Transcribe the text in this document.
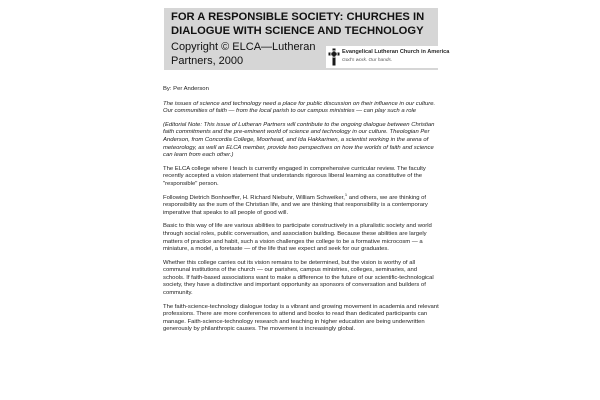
FOR A RESPONSIBLE SOCIETY: CHURCHES IN DIALOGUE WITH SCIENCE AND TECHNOLOGY
Copyright © ELCA—Lutheran Partners, 2000
Evangelical Lutheran Church in America
God's work. Our hands.

By: Per Anderson

The issues of science and technology need a place for public discussion on their influence in our culture. Our communities of faith — from the local parish to our campus ministries — can play such a role

(Editorial Note: This issue of Lutheran Partners will contribute to the ongoing dialogue between Christian faith commitments and the pre-eminent world of science and technology in our culture. Theologian Per Anderson, from Concordia College, Moorhead, and Ida Hakkarinen, a scientist working in the arena of meteorology, as well an ELCA member, provide two perspectives on how the worlds of faith and science can learn from each other.)

The ELCA college where I teach is currently engaged in comprehensive curricular review. The faculty recently accepted a vision statement that understands rigorous liberal learning as constitutive of the "responsible" person.

Following Dietrich Bonhoeffer, H. Richard Niebuhr, William Schweiker,$^1$ and others, we are thinking of responsibility as the sum of the Christian life, and we are thinking that responsibility is a contemporary imperative that speaks to all people of good will.

Basic to this way of life are various abilities to participate constructively in a pluralistic society and world through social roles, public conversation, and association building. Because these abilities are largely matters of practice and habit, such a vision challenges the college to be a formative microcosm — a miniature, a model, a foretaste — of the life that we expect and seek for our graduates.

Whether this college carries out its vision remains to be determined, but the vision is worthy of all communal institutions of the church — our parishes, campus ministries, colleges, seminaries, and schools. If faith-based associations want to make a difference to the future of our scientific-technological society, they have a distinctive and important opportunity as sponsors of conversation and builders of community.

The faith-science-technology dialogue today is a vibrant and growing movement in academia and relevant professions. There are more conferences to attend and books to read than dedicated participants can manage. Faith-science-technology research and teaching in higher education are being underwritten generously by philanthropic causes. The movement is increasingly global.
